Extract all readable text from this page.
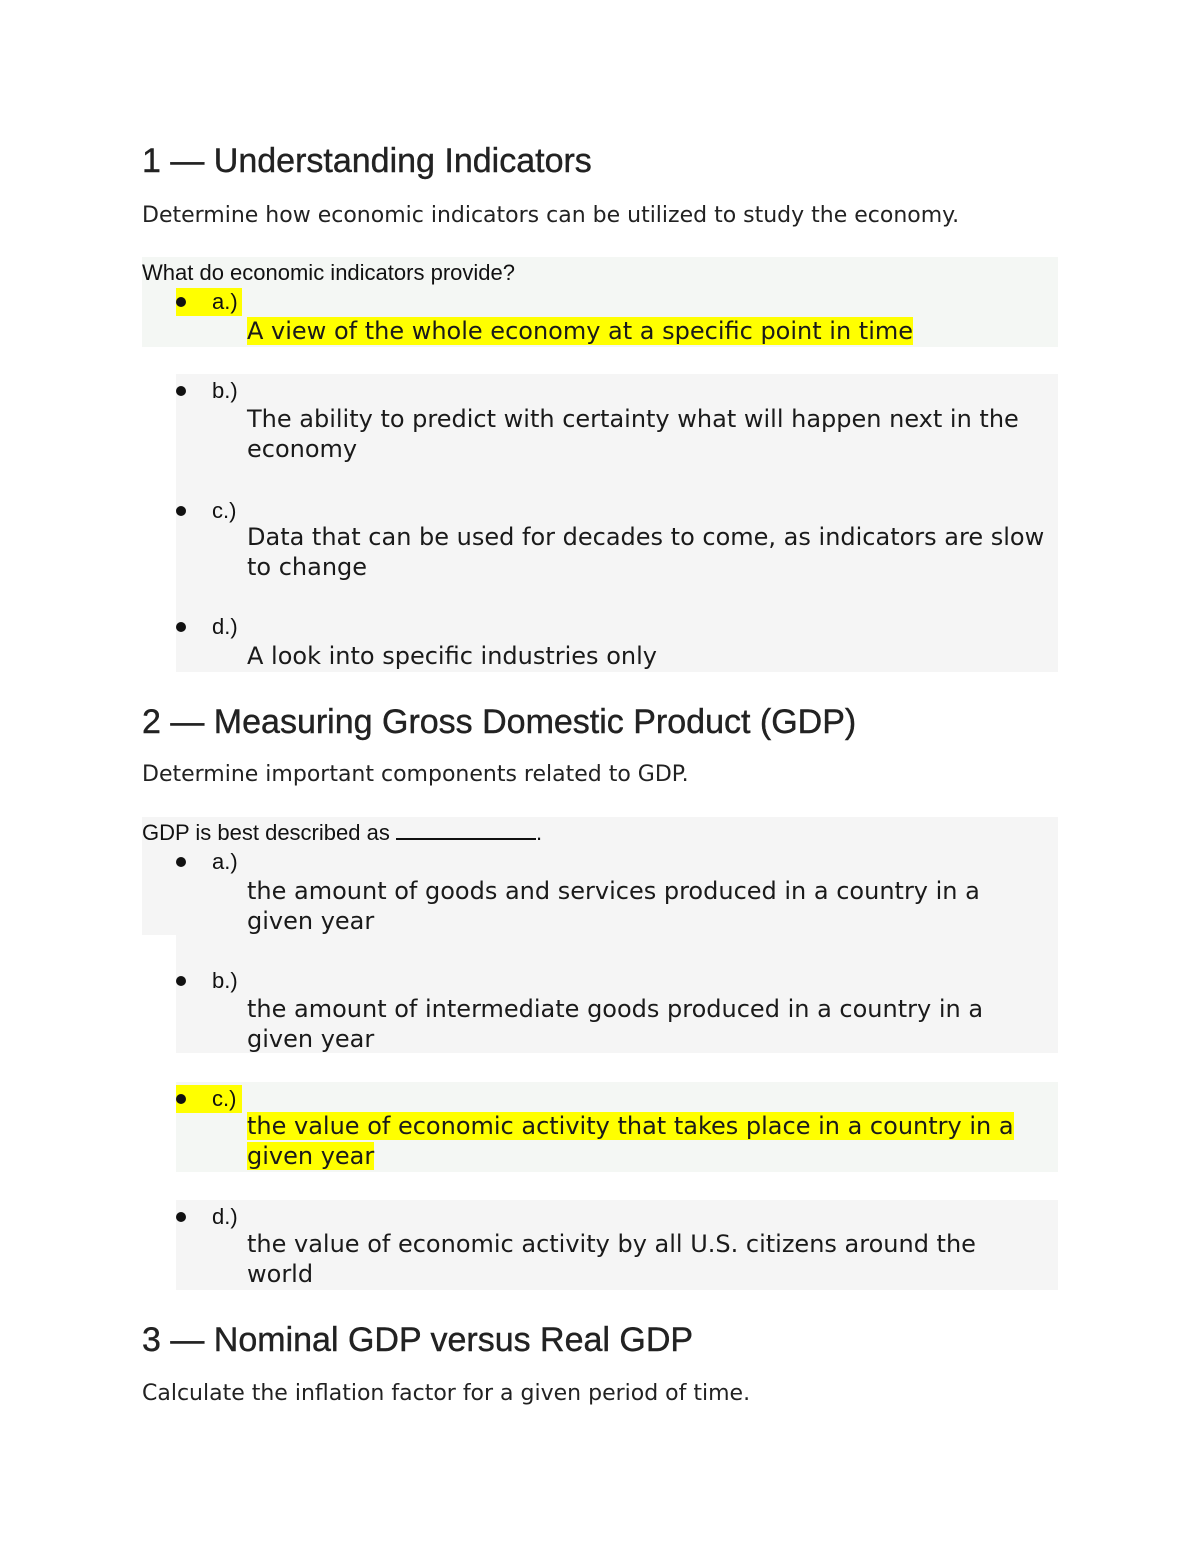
1 — Understanding Indicators
Determine how economic indicators can be utilized to study the economy.
What do economic indicators provide?
a.)
A view of the whole economy at a specific point in time
b.)
The ability to predict with certainty what will happen next in the economy
c.)
Data that can be used for decades to come, as indicators are slow to change
d.)
A look into specific industries only
2 — Measuring Gross Domestic Product (GDP)
Determine important components related to GDP.
GDP is best described as	.
a.)
the amount of goods and services produced in a country in a given year
b.)
the amount of intermediate goods produced in a country in a given year
c.)
the value of economic activity that takes place in a country in a given year
d.)
the value of economic activity by all U.S. citizens around the world
3 — Nominal GDP versus Real GDP
Calculate the inflation factor for a given period of time.
